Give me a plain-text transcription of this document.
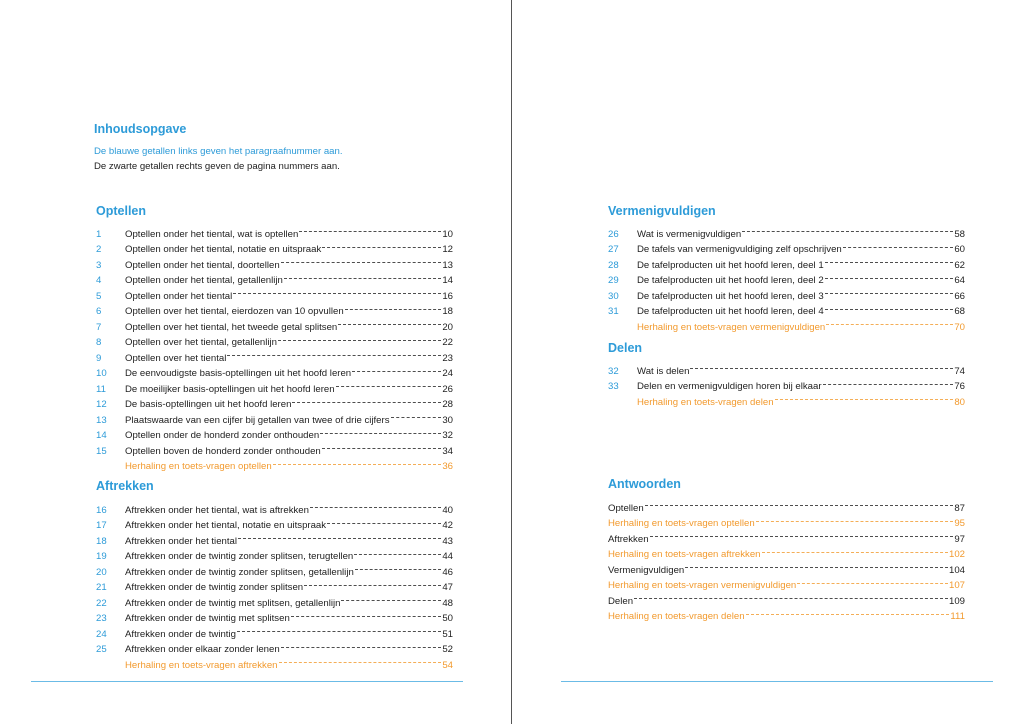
Inhoudsopgave

De blauwe getallen links geven het paragraafnummer aan.

De zwarte getallen rechts geven de pagina nummers aan.

Optellen
1	Optellen onder het tiental, wat is optellen	10
2	Optellen onder het tiental, notatie en uitspraak	12
3	Optellen onder het tiental, doortellen	13
4	Optellen onder het tiental, getallenlijn	14
5	Optellen onder het tiental	16
6	Optellen over het tiental, eierdozen van 10 opvullen	18
7	Optellen over het tiental, het tweede getal splitsen	20
8	Optellen over het tiental, getallenlijn	22
9	Optellen over het tiental	23
10	De eenvoudigste basis-optellingen uit het hoofd leren	24
11	De moeilijker basis-optellingen uit het hoofd leren	26
12	De basis-optellingen uit het hoofd leren	28
13	Plaatswaarde van een cijfer bij getallen van twee of drie cijfers	30
14	Optellen onder de honderd zonder onthouden	32
15	Optellen boven de honderd zonder onthouden	34
Herhaling en toets-vragen optellen	36
Aftrekken
16	Aftrekken onder het tiental, wat is aftrekken	40
17	Aftrekken onder het tiental, notatie en uitspraak	42
18	Aftrekken onder het tiental	43
19	Aftrekken onder de twintig zonder splitsen, terugtellen	44
20	Aftrekken onder de twintig zonder splitsen, getallenlijn	46
21	Aftrekken onder de twintig zonder splitsen	47
22	Aftrekken onder de twintig met splitsen, getallenlijn	48
23	Aftrekken onder de twintig met splitsen	50
24	Aftrekken onder de twintig	51
25	Aftrekken onder elkaar zonder lenen	52
Herhaling en toets-vragen aftrekken	54
Vermenigvuldigen
26	Wat is vermenigvuldigen	58
27	De tafels van vermenigvuldiging zelf opschrijven	60
28	De tafelproducten uit het hoofd leren, deel 1	62
29	De tafelproducten uit het hoofd leren, deel 2	64
30	De tafelproducten uit het hoofd leren, deel 3	66
31	De tafelproducten uit het hoofd leren, deel 4	68
Herhaling en toets-vragen vermenigvuldigen	70
Delen
32	Wat is delen	74
33	Delen en vermenigvuldigen horen bij elkaar	76
Herhaling en toets-vragen delen	80
Antwoorden
Optellen	87
Herhaling en toets-vragen optellen	95
Aftrekken	97
Herhaling en toets-vragen aftrekken	102
Vermenigvuldigen	104
Herhaling en toets-vragen vermenigvuldigen	107
Delen	109
Herhaling en toets-vragen delen	111
